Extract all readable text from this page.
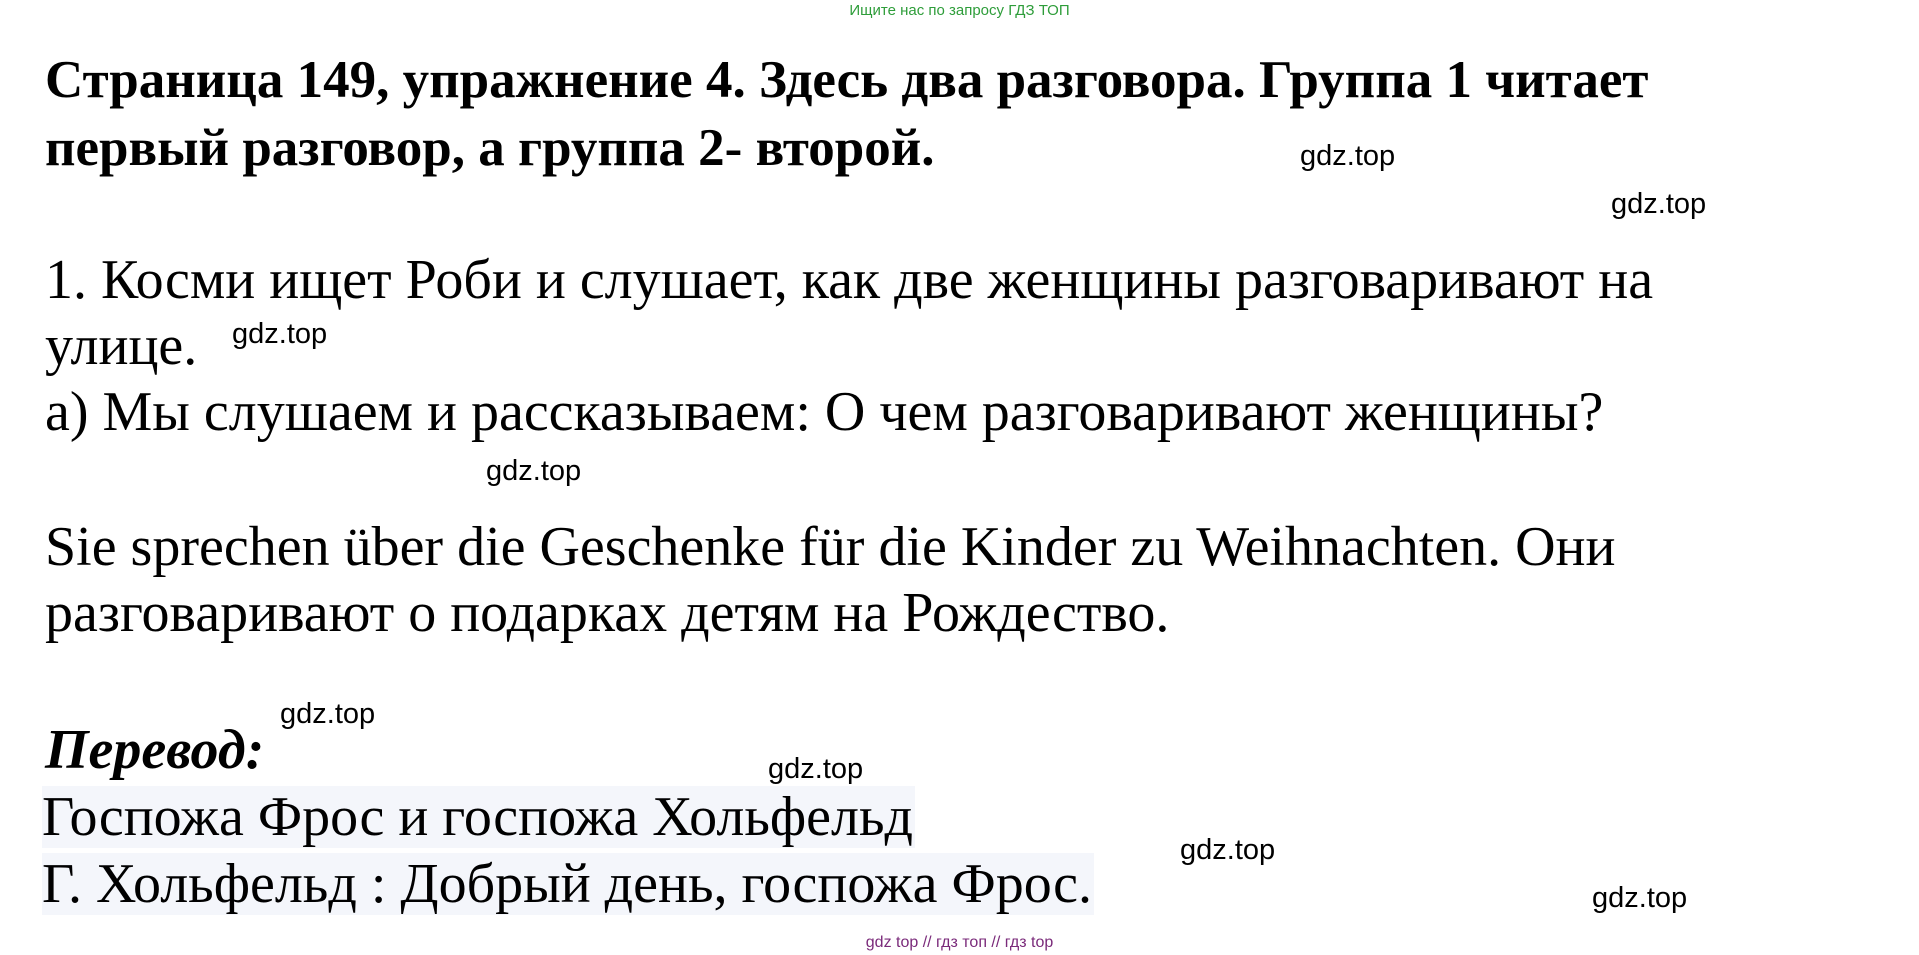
Ищите нас по запросу ГДЗ ТОП
Страница 149, упражнение 4. Здесь два разговора. Группа 1 читает
первый разговор, а группа 2- второй.	gdz.top
gdz.top
1. Косми ищет Роби и слушает, как две женщины разговаривают на
улице. gdz.top
а) Мы слушаем и рассказываем: О чем разговаривают женщины?
gdz.top
Sie sprechen über die Geschenke für die Kinder zu Weihnachten. Они
разговаривают о подарках детям на Рождество.
gdz.top
Перевод:	gdz.top
Госпожа Фрос и госпожа Хольфельд
gdz.top
Г. Хольфельд : Добрый день, госпожа Фрос.	gdz.top
gdz top // гдз топ // гдз top
